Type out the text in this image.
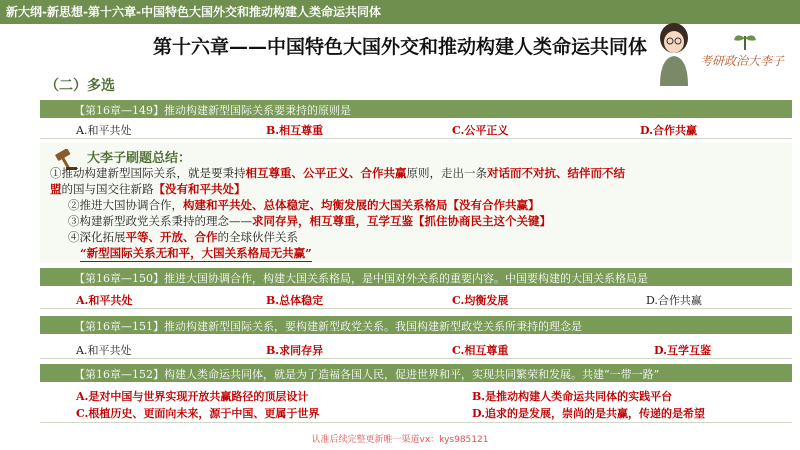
新大纲-新思想-第十六章-中国特色大国外交和推动构建人类命运共同体
第十六章——中国特色大国外交和推动构建人类命运共同体
（二）多选
考研政治大李子
【第16章—149】推动构建新型国际关系要秉持的原则是
A.和平共处	B.相互尊重	C.公平正义	D.合作共赢
大李子刷题总结：
①推动构建新型国际关系，就是要秉持相互尊重、公平正义、合作共赢原则，走出一条对话而不对抗、结伴而不结
盟的国与国交往新路【没有和平共处】
②推进大国协调合作，构建和平共处、总体稳定、均衡发展的大国关系格局【没有合作共赢】
③构建新型政党关系秉持的理念——求同存异，相互尊重，互学互鉴【抓住协商民主这个关键】
④深化拓展平等、开放、合作的全球伙伴关系
“新型国际关系无和平，大国关系格局无共赢”
【第16章—150】推进大国协调合作，构建大国关系格局，是中国对外关系的重要内容。中国要构建的大国关系格局是
A.和平共处	B.总体稳定	C.均衡发展	D.合作共赢
【第16章—151】推动构建新型国际关系，要构建新型政党关系。我国构建新型政党关系所秉持的理念是
A.和平共处	B.求同存异	C.相互尊重	D.互学互鉴
【第16章—152】构建人类命运共同体，就是为了造福各国人民，促进世界和平，实现共同繁荣和发展。共建“一带一路”
A.是对中国与世界实现开放共赢路径的顶层设计	B.是推动构建人类命运共同体的实践平台
C.根植历史、更面向未来，源于中国、更属于世界	D.追求的是发展，崇尚的是共赢，传递的是希望
认准后续完整更新唯一渠道vx：kys985121
